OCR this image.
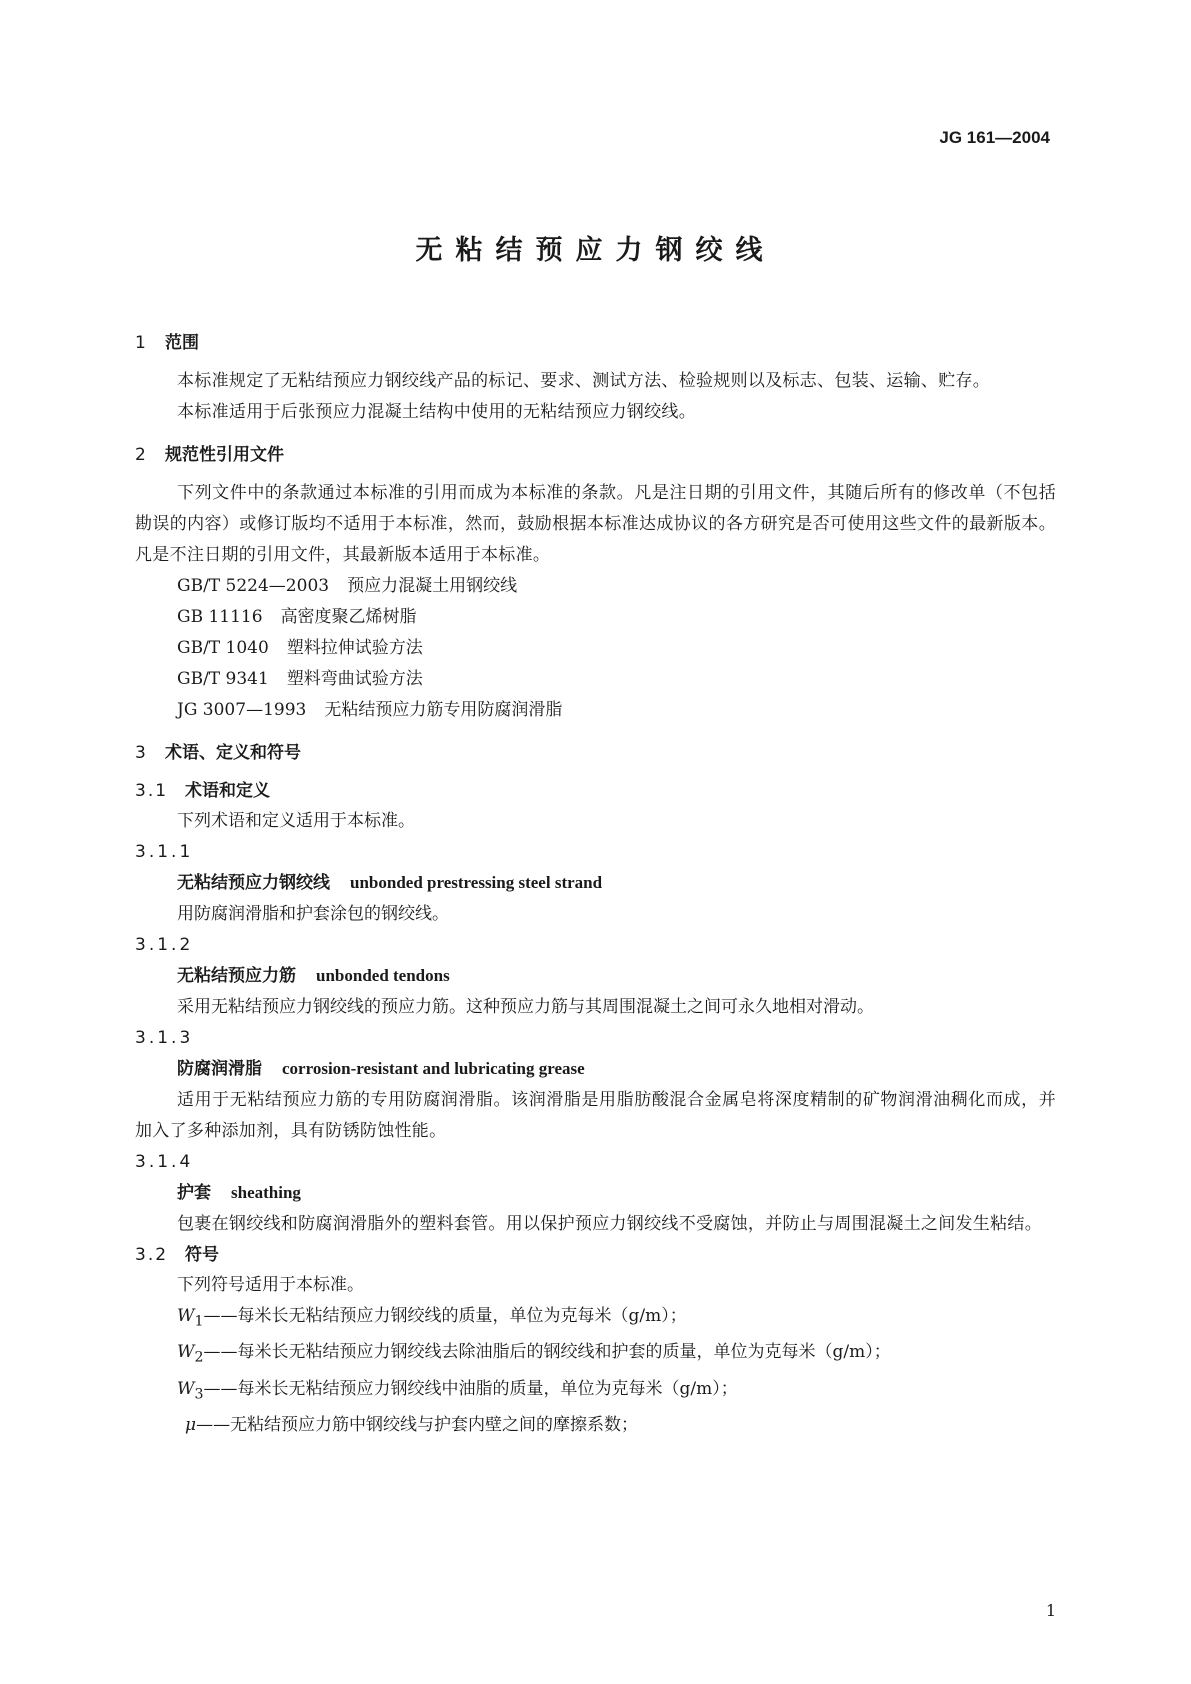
JG 161—2004
无粘结预应力钢绞线

1 范围

本标准规定了无粘结预应力钢绞线产品的标记、要求、测试方法、检验规则以及标志、包装、运输、贮存。

本标准适用于后张预应力混凝土结构中使用的无粘结预应力钢绞线。

2 规范性引用文件

下列文件中的条款通过本标准的引用而成为本标准的条款。凡是注日期的引用文件，其随后所有的修改单（不包括勘误的内容）或修订版均不适用于本标准，然而，鼓励根据本标准达成协议的各方研究是否可使用这些文件的最新版本。凡是不注日期的引用文件，其最新版本适用于本标准。

GB/T 5224—2003 预应力混凝土用钢绞线

GB 11116 高密度聚乙烯树脂

GB/T 1040 塑料拉伸试验方法

GB/T 9341 塑料弯曲试验方法

JG 3007—1993 无粘结预应力筋专用防腐润滑脂

3 术语、定义和符号

3.1 术语和定义

下列术语和定义适用于本标准。

3.1.1

无粘结预应力钢绞线 unbonded prestressing steel strand

用防腐润滑脂和护套涂包的钢绞线。

3.1.2

无粘结预应力筋 unbonded tendons

采用无粘结预应力钢绞线的预应力筋。这种预应力筋与其周围混凝土之间可永久地相对滑动。

3.1.3

防腐润滑脂 corrosion-resistant and lubricating grease

适用于无粘结预应力筋的专用防腐润滑脂。该润滑脂是用脂肪酸混合金属皂将深度精制的矿物润滑油稠化而成，并加入了多种添加剂，具有防锈防蚀性能。

3.1.4

护套 sheathing

包裹在钢绞线和防腐润滑脂外的塑料套管。用以保护预应力钢绞线不受腐蚀，并防止与周围混凝土之间发生粘结。

3.2 符号

下列符号适用于本标准。

$W_1——$每米长无粘结预应力钢绞线的质量，单位为克每米（g/m）；

$W_2——$每米长无粘结预应力钢绞线去除油脂后的钢绞线和护套的质量，单位为克每米（g/m）；

$W_3——$每米长无粘结预应力钢绞线中油脂的质量，单位为克每米（g/m）；

μ——无粘结预应力筋中钢绞线与护套内壁之间的摩擦系数；

1
